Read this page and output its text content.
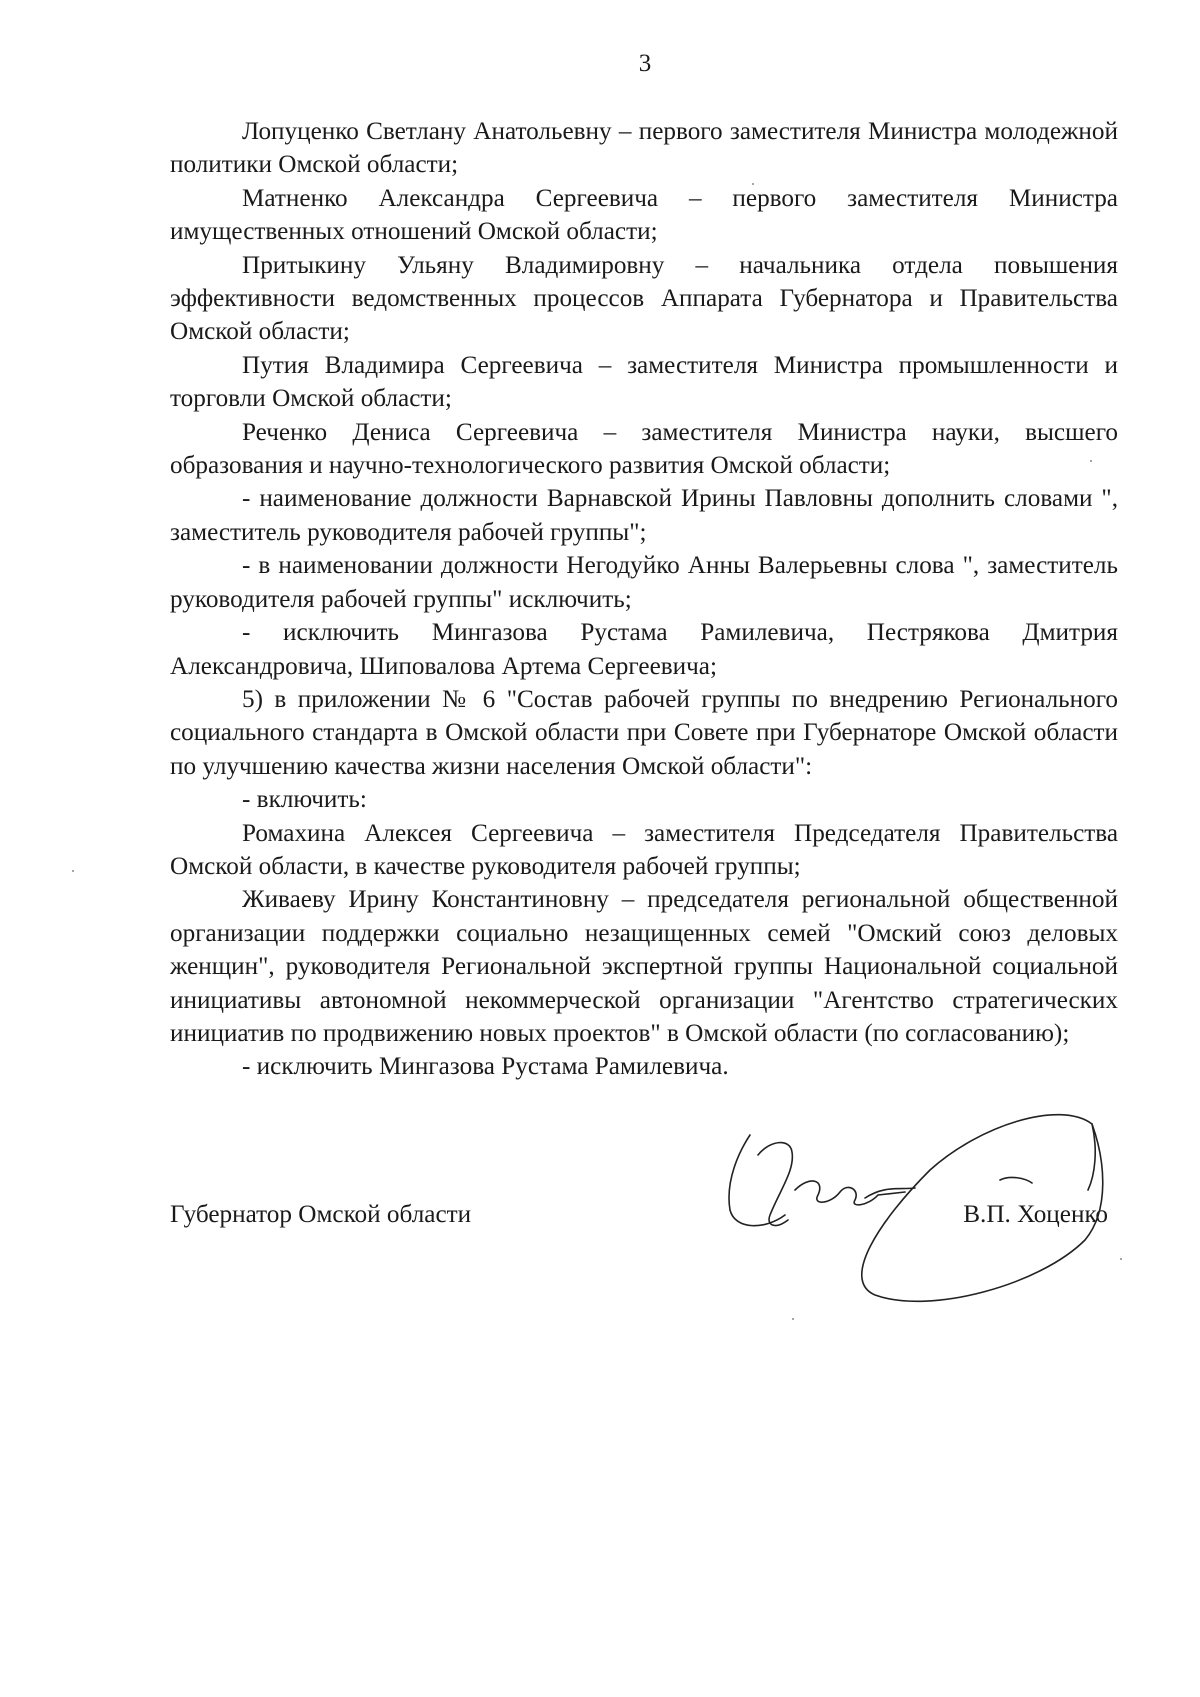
3

Лопуценко Светлану Анатольевну – первого заместителя Министра молодежной политики Омской области;

Матненко Александра Сергеевича – первого заместителя Министра имущественных отношений Омской области;

Притыкину Ульяну Владимировну – начальника отдела повышения эффективности ведомственных процессов Аппарата Губернатора и Правительства Омской области;

Путия Владимира Сергеевича – заместителя Министра промышленности и торговли Омской области;

Реченко Дениса Сергеевича – заместителя Министра науки, высшего образования и научно-технологического развития Омской области;

- наименование должности Варнавской Ирины Павловны дополнить словами ", заместитель руководителя рабочей группы";

- в наименовании должности Негодуйко Анны Валерьевны слова ", заместитель руководителя рабочей группы" исключить;

- исключить Мингазова Рустама Рамилевича, Пестрякова Дмитрия Александровича, Шиповалова Артема Сергеевича;

5) в приложении № 6 "Состав рабочей группы по внедрению Регионального социального стандарта в Омской области при Совете при Губернаторе Омской области по улучшению качества жизни населения Омской области":

- включить:

Ромахина Алексея Сергеевича – заместителя Председателя Правительства Омской области, в качестве руководителя рабочей группы;

Живаеву Ирину Константиновну – председателя региональной общественной организации поддержки социально незащищенных семей "Омский союз деловых женщин", руководителя Региональной экспертной группы Национальной социальной инициативы автономной некоммерческой организации "Агентство стратегических инициатив по продвижению новых проектов" в Омской области (по согласованию);

- исключить Мингазова Рустама Рамилевича.

Губернатор Омской области	В.П. Хоценко
